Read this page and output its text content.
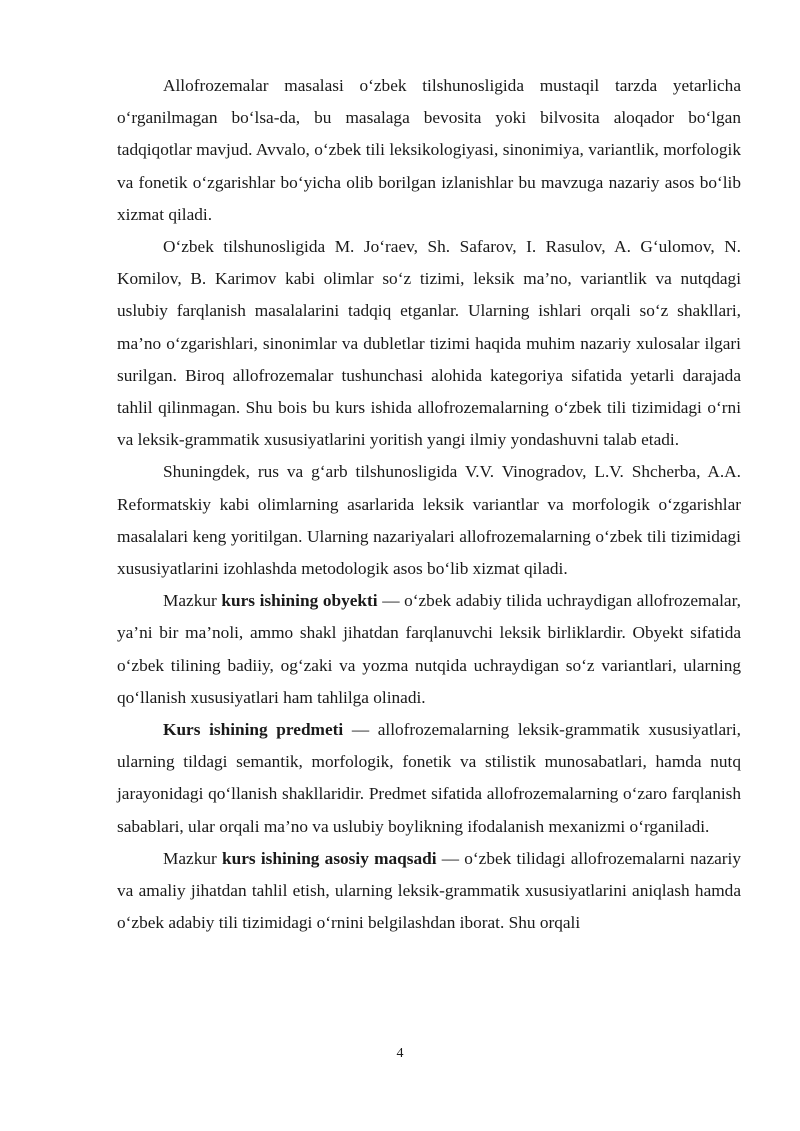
Allofrozemalar masalasi o‘zbek tilshunosligida mustaqil tarzda yetarlicha o‘rganilmagan bo‘lsa-da, bu masalaga bevosita yoki bilvosita aloqador bo‘lgan tadqiqotlar mavjud. Avvalo, o‘zbek tili leksikologiyasi, sinonimiya, variantlik, morfologik va fonetik o‘zgarishlar bo‘yicha olib borilgan izlanishlar bu mavzuga nazariy asos bo‘lib xizmat qiladi.

O‘zbek tilshunosligida M. Jo‘raev, Sh. Safarov, I. Rasulov, A. G‘ulomov, N. Komilov, B. Karimov kabi olimlar so‘z tizimi, leksik ma’no, variantlik va nutqdagi uslubiy farqlanish masalalarini tadqiq etganlar. Ularning ishlari orqali so‘z shakllari, ma’no o‘zgarishlari, sinonimlar va dubletlar tizimi haqida muhim nazariy xulosalar ilgari surilgan. Biroq allofrozemalar tushunchasi alohida kategoriya sifatida yetarli darajada tahlil qilinmagan. Shu bois bu kurs ishida allofrozemalarning o‘zbek tili tizimidagi o‘rni va leksik-grammatik xususiyatlarini yoritish yangi ilmiy yondashuvni talab etadi.

Shuningdek, rus va g‘arb tilshunosligida V.V. Vinogradov, L.V. Shcherba, A.A. Reformatskiy kabi olimlarning asarlarida leksik variantlar va morfologik o‘zgarishlar masalalari keng yoritilgan. Ularning nazariyalari allofrozemalarning o‘zbek tili tizimidagi xususiyatlarini izohlashda metodologik asos bo‘lib xizmat qiladi.

Mazkur kurs ishining obyekti — o‘zbek adabiy tilida uchraydigan allofrozemalar, ya’ni bir ma’noli, ammo shakl jihatdan farqlanuvchi leksik birliklardir. Obyekt sifatida o‘zbek tilining badiiy, og‘zaki va yozma nutqida uchraydigan so‘z variantlari, ularning qo‘llanish xususiyatlari ham tahlilga olinadi.

Kurs ishining predmeti — allofrozemalarning leksik-grammatik xususiyatlari, ularning tildagi semantik, morfologik, fonetik va stilistik munosabatlari, hamda nutq jarayonidagi qo‘llanish shakllaridir. Predmet sifatida allofrozemalarning o‘zaro farqlanish sabablari, ular orqali ma’no va uslubiy boylikning ifodalanish mexanizmi o‘rganiladi.

Mazkur kurs ishining asosiy maqsadi — o‘zbek tilidagi allofrozemalarni nazariy va amaliy jihatdan tahlil etish, ularning leksik-grammatik xususiyatlarini aniqlash hamda o‘zbek adabiy tili tizimidagi o‘rnini belgilashdan iborat. Shu orqali

4
